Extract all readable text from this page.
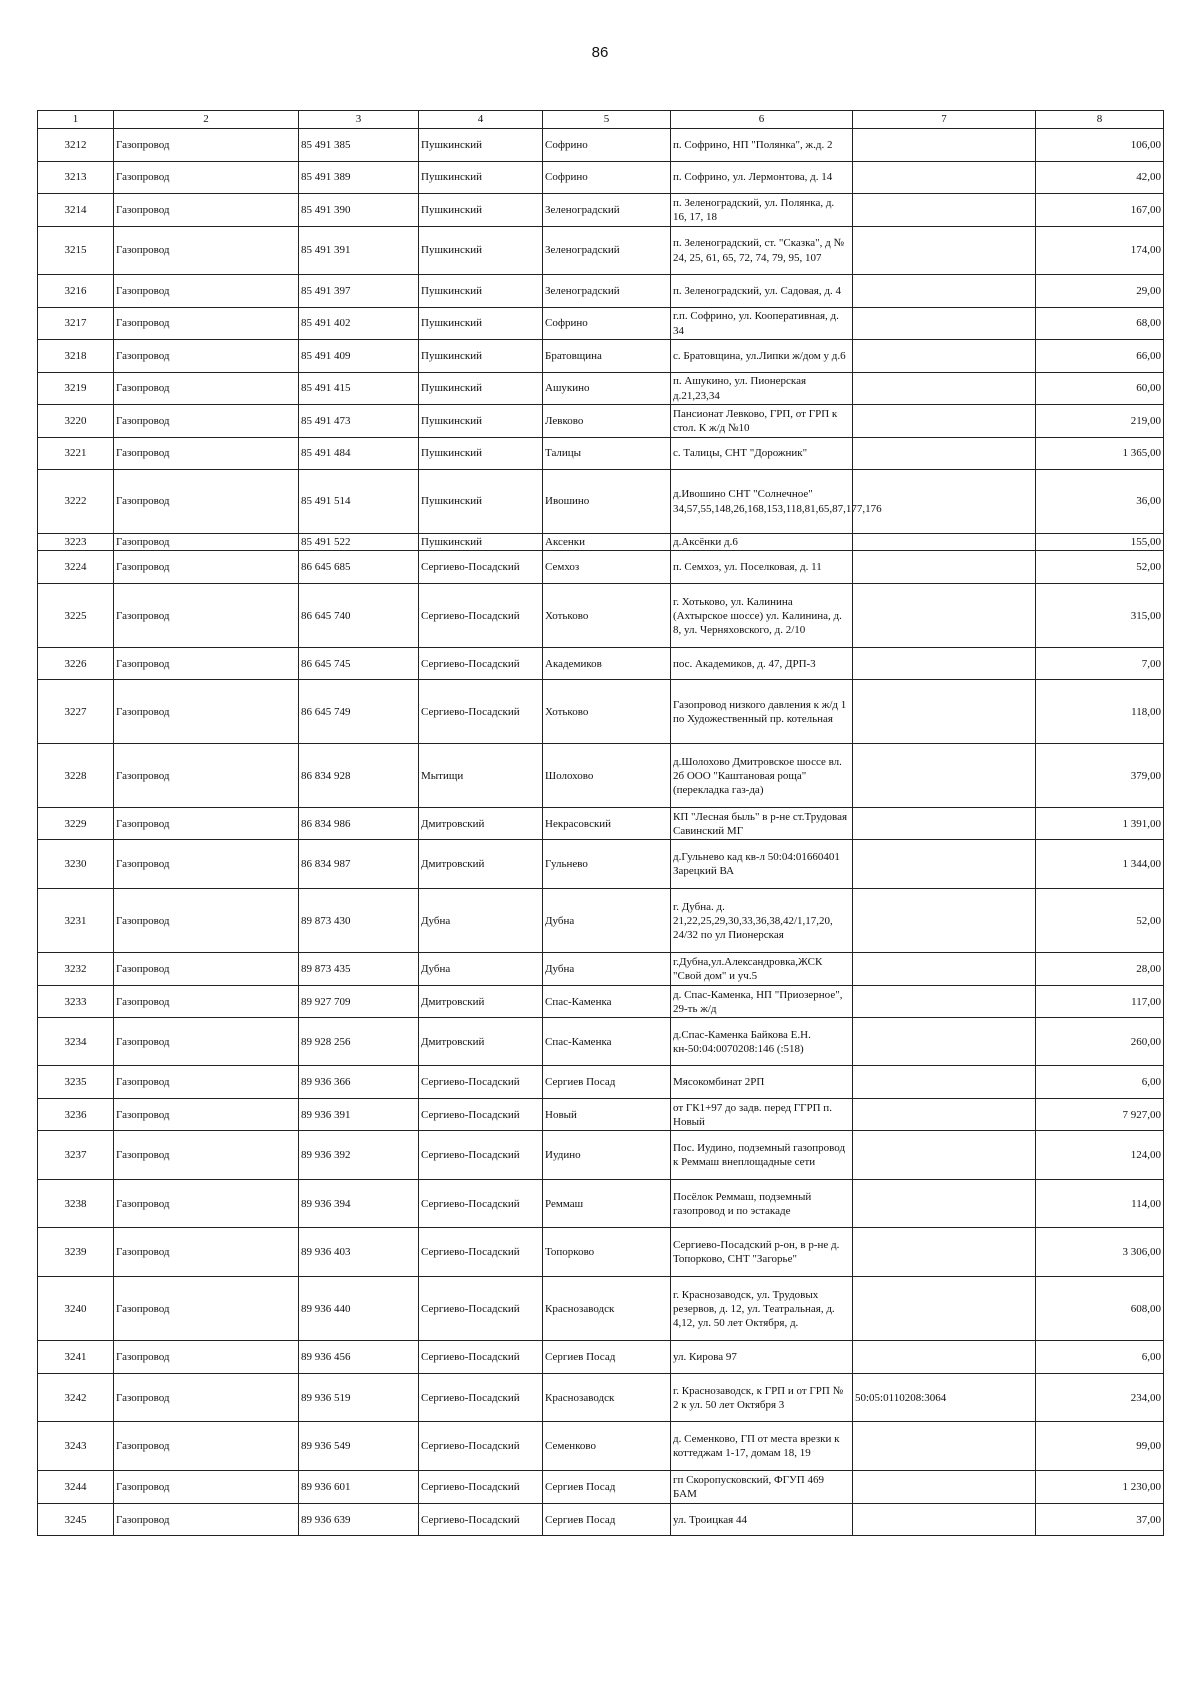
86
1	2	3	4	5	6	7	8
3212	Газопровод	85 491 385	Пушкинский	Софрино	п. Софрино, НП "Полянка", ж.д. 2		106,00
3213	Газопровод	85 491 389	Пушкинский	Софрино	п. Софрино, ул. Лермонтова, д. 14		42,00
3214	Газопровод	85 491 390	Пушкинский	Зеленоградский	п. Зеленоградский, ул. Полянка, д. 16, 17, 18		167,00
3215	Газопровод	85 491 391	Пушкинский	Зеленоградский	п. Зеленоградский, ст. "Сказка", д № 24, 25, 61, 65, 72, 74, 79, 95, 107		174,00
3216	Газопровод	85 491 397	Пушкинский	Зеленоградский	п. Зеленоградский, ул. Садовая, д. 4		29,00
3217	Газопровод	85 491 402	Пушкинский	Софрино	г.п. Софрино, ул. Кооперативная, д. 34		68,00
3218	Газопровод	85 491 409	Пушкинский	Братовщина	с. Братовщина, ул.Липки ж/дом у д.6		66,00
3219	Газопровод	85 491 415	Пушкинский	Ашукино	п. Ашукино, ул. Пионерская д.21,23,34		60,00
3220	Газопровод	85 491 473	Пушкинский	Левково	Пансионат Левково, ГРП, от ГРП к стол. К ж/д №10		219,00
3221	Газопровод	85 491 484	Пушкинский	Талицы	с. Талицы, СНТ "Дорожник"		1 365,00
3222	Газопровод	85 491 514	Пушкинский	Ивошино	д.Ивошино СНТ "Солнечное" 34,57,55,148,26,168,153,118,81,65,87,177,176		36,00
3223	Газопровод	85 491 522	Пушкинский	Аксенки	д.Аксёнки д.6		155,00
3224	Газопровод	86 645 685	Сергиево-Посадский	Семхоз	п. Семхоз, ул. Поселковая, д. 11		52,00
3225	Газопровод	86 645 740	Сергиево-Посадский	Хотьково	г. Хотьково, ул. Калинина (Ахтырское шоссе) ул. Калинина, д. 8, ул. Черняховского, д. 2/10		315,00
3226	Газопровод	86 645 745	Сергиево-Посадский	Академиков	пос. Академиков, д. 47, ДРП-3		7,00
3227	Газопровод	86 645 749	Сергиево-Посадский	Хотьково	Газопровод низкого давления к ж/д 1 по Художественный пр. котельная		118,00
3228	Газопровод	86 834 928	Мытищи	Шолохово	д.Шолохово Дмитровское шоссе вл. 2б ООО "Каштановая роща" (перекладка газ-да)		379,00
3229	Газопровод	86 834 986	Дмитровский	Некрасовский	КП "Лесная быль" в р-не ст.Трудовая Савинский МГ		1 391,00
3230	Газопровод	86 834 987	Дмитровский	Гульнево	д.Гульнево кад кв-л 50:04:01660401 Зарецкий ВА		1 344,00
3231	Газопровод	89 873 430	Дубна	Дубна	г. Дубна. д. 21,22,25,29,30,33,36,38,42/1,17,20, 24/32 по ул Пионерская		52,00
3232	Газопровод	89 873 435	Дубна	Дубна	г.Дубна,ул.Александровка,ЖСК "Свой дом" и уч.5		28,00
3233	Газопровод	89 927 709	Дмитровский	Спас-Каменка	д. Спас-Каменка, НП "Приозерное", 29-ть ж/д		117,00
3234	Газопровод	89 928 256	Дмитровский	Спас-Каменка	д.Спас-Каменка Байкова Е.Н. кн-50:04:0070208:146 (:518)		260,00
3235	Газопровод	89 936 366	Сергиево-Посадский	Сергиев Посад	Мясокомбинат 2РП		6,00
3236	Газопровод	89 936 391	Сергиево-Посадский	Новый	от ГК1+97 до задв. перед ГГРП п. Новый		7 927,00
3237	Газопровод	89 936 392	Сергиево-Посадский	Иудино	Пос. Иудино, подземный газопровод к Реммаш внеплощадные сети		124,00
3238	Газопровод	89 936 394	Сергиево-Посадский	Реммаш	Посёлок Реммаш, подземный газопровод и по эстакаде		114,00
3239	Газопровод	89 936 403	Сергиево-Посадский	Топорково	Сергиево-Посадский р-он, в р-не д. Топорково, СНТ "Загорье"		3 306,00
3240	Газопровод	89 936 440	Сергиево-Посадский	Краснозаводск	г. Краснозаводск, ул. Трудовых резервов, д. 12, ул. Театральная, д. 4,12, ул. 50 лет Октября, д.		608,00
3241	Газопровод	89 936 456	Сергиево-Посадский	Сергиев Посад	ул. Кирова 97		6,00
3242	Газопровод	89 936 519	Сергиево-Посадский	Краснозаводск	г. Краснозаводск, к ГРП и от ГРП № 2 к ул. 50 лет Октября 3	50:05:0110208:3064	234,00
3243	Газопровод	89 936 549	Сергиево-Посадский	Семенково	д. Семенково, ГП от места врезки к коттеджам 1-17, домам 18, 19		99,00
3244	Газопровод	89 936 601	Сергиево-Посадский	Сергиев Посад	гп Скоропусковский, ФГУП 469 БАМ		1 230,00
3245	Газопровод	89 936 639	Сергиево-Посадский	Сергиев Посад	ул. Троицкая 44		37,00
